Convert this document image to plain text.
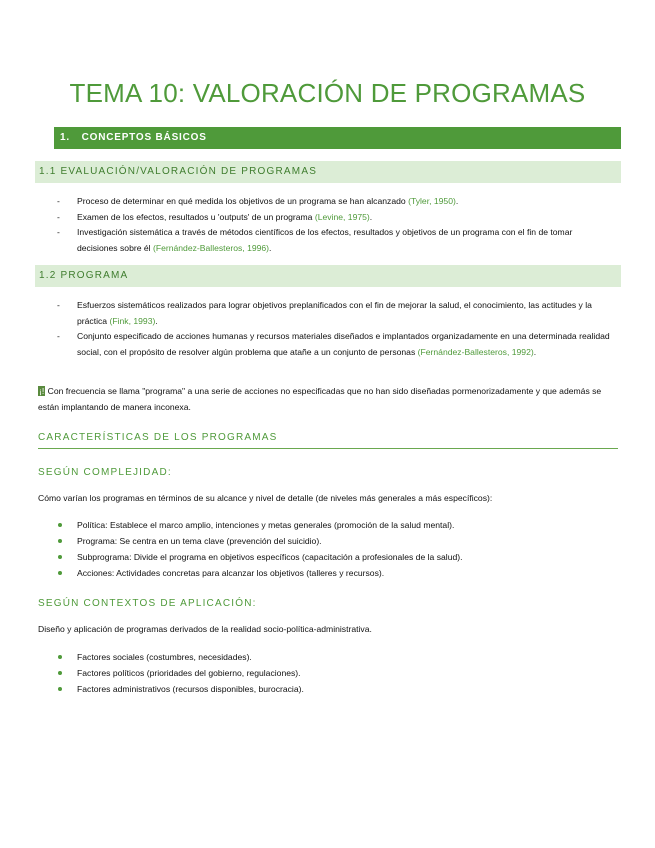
TEMA 10: VALORACIÓN DE PROGRAMAS
1. CONCEPTOS BÁSICOS
1.1 EVALUACIÓN/VALORACIÓN DE PROGRAMAS
- Proceso de determinar en qué medida los objetivos de un programa se han alcanzado (Tyler, 1950).
- Examen de los efectos, resultados u 'outputs' de un programa (Levine, 1975).
- Investigación sistemática a través de métodos científicos de los efectos, resultados y objetivos de un programa con el fin de tomar decisiones sobre él (Fernández-Ballesteros, 1996).
1.2 PROGRAMA
- Esfuerzos sistemáticos realizados para lograr objetivos preplanificados con el fin de mejorar la salud, el conocimiento, las actitudes y la práctica (Fink, 1993).
- Conjunto especificado de acciones humanas y recursos materiales diseñados e implantados organizadamente en una determinada realidad social, con el propósito de resolver algún problema que atañe a un conjunto de personas (Fernández-Ballesteros, 1992).

¡! Con frecuencia se llama "programa" a una serie de acciones no especificadas que no han sido diseñadas pormenorizadamente y que además se están implantando de manera inconexa.

CARACTERÍSTICAS DE LOS PROGRAMAS
SEGÚN COMPLEJIDAD:

Cómo varían los programas en términos de su alcance y nivel de detalle (de niveles más generales a más específicos):

Política: Establece el marco amplio, intenciones y metas generales (promoción de la salud mental).
Programa: Se centra en un tema clave (prevención del suicidio).
Subprograma: Divide el programa en objetivos específicos (capacitación a profesionales de la salud).
Acciones: Actividades concretas para alcanzar los objetivos (talleres y recursos).
SEGÚN CONTEXTOS DE APLICACIÓN:

Diseño y aplicación de programas derivados de la realidad socio-política-administrativa.

Factores sociales (costumbres, necesidades).
Factores políticos (prioridades del gobierno, regulaciones).
Factores administrativos (recursos disponibles, burocracia).
